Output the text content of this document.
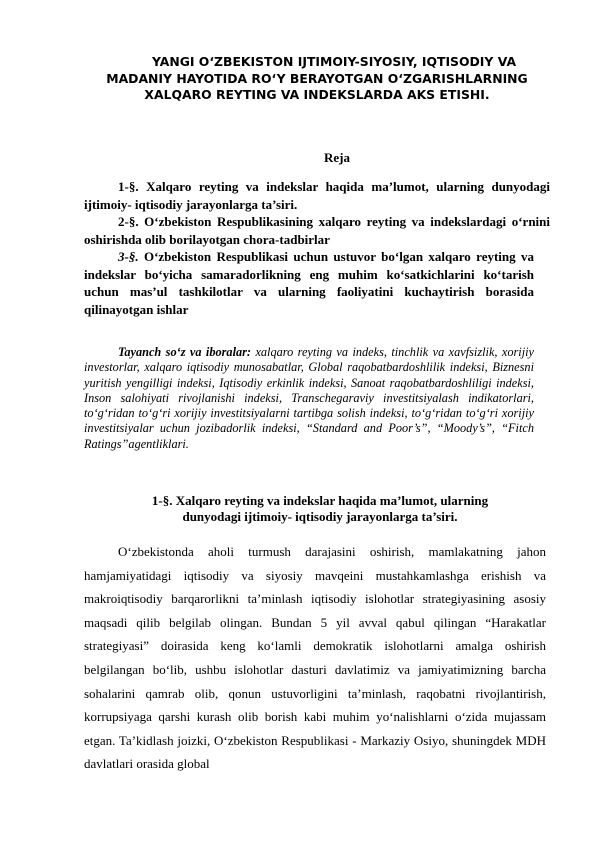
YANGI O‘ZBEKISTON IJTIMOIY-SIYOSIY, IQTISODIY VA MADANIY HAYOTIDA RO‘Y BERAYOTGAN O‘ZGARISHLARNING XALQARO REYTING VA INDEKSLARDA AKS ETISHI.
Reja

1-§. Xalqaro reyting va indekslar haqida ma’lumot, ularning dunyodagi ijtimoiy- iqtisodiy jarayonlarga ta’siri.

2-§. O‘zbekiston Respublikasining xalqaro reyting va indekslardagi o‘rnini oshirishda olib borilayotgan chora-tadbirlar

3-§. O‘zbekiston Respublikasi uchun ustuvor bo‘lgan xalqaro reyting va indekslar bo‘yicha samaradorlikning eng muhim ko‘satkichlarini ko‘tarish uchun mas’ul tashkilotlar va ularning faoliyatini kuchaytirish borasida qilinayotgan ishlar

Tayanch so‘z va iboralar: xalqaro reyting va indeks, tinchlik va xavfsizlik, xorijiy investorlar, xalqaro iqtisodiy munosabatlar, Global raqobatbardoshlilik indeksi, Biznesni yuritish yengilligi indeksi, Iqtisodiy erkinlik indeksi, Sanoat raqobatbardoshliligi indeksi, Inson salohiyati rivojlanishi indeksi, Transchegaraviy investitsiyalash indikatorlari, to‘g‘ridan to‘g‘ri xorijiy investitsiyalarni tartibga solish indeksi, to‘g‘ridan to‘g‘ri xorijiy investitsiyalar uchun jozibadorlik indeksi, “Standard and Poor’s”, “Moody’s”, “Fitch Ratings”agentliklari.
1-§. Xalqaro reyting va indekslar haqida ma’lumot, ularning
dunyodagi ijtimoiy- iqtisodiy jarayonlarga ta’siri.
O‘zbekistonda aholi turmush darajasini oshirish, mamlakatning jahon hamjamiyatidagi iqtisodiy va siyosiy mavqeini mustahkamlashga erishish va makroiqtisodiy barqarorlikni ta’minlash iqtisodiy islohotlar strategiyasining asosiy maqsadi qilib belgilab olingan. Bundan 5 yil avval qabul qilingan “Harakatlar strategiyasi” doirasida keng ko‘lamli demokratik islohotlarni amalga oshirish belgilangan bo‘lib, ushbu islohotlar dasturi davlatimiz va jamiyatimizning barcha sohalarini qamrab olib, qonun ustuvorligini ta’minlash, raqobatni rivojlantirish, korrupsiyaga qarshi kurash olib borish kabi muhim yo‘nalishlarni o‘zida mujassam etgan. Ta’kidlash joizki, O‘zbekiston Respublikasi - Markaziy Osiyo, shuningdek MDH davlatlari orasida global
